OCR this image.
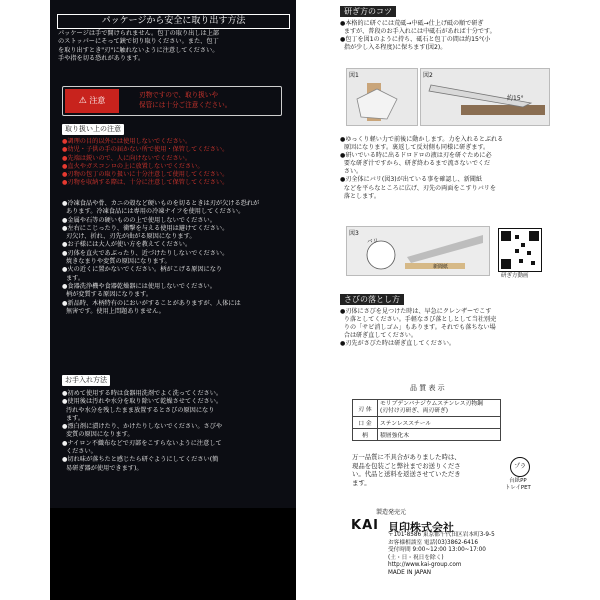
パッケージから安全に取り出す方法
パッケージは手で開けられません。包丁の取り出しは上部
のストッパーにそって鋏で切り取りください。また、包丁
を取り出すとき"刃"に触れないように注意してください。
手や指を切る恐れがあります。
⚠ 注意
刃物ですので、取り扱いや
保管には十分ご注意ください。
取り扱い上の注意
●調理の目的以外には使用しないでください。
●幼児・子供の手の届かない所で使用・保管してください。
●先端は鋭いので、人に向けないでください。
●直火やガスコンロの上に放置しないでください。
●刃物の包丁の取り扱いに十分注意して使用してください。
●刃物を収納する際は、十分に注意して保管してください。
●冷凍食品や骨、カニの殻など硬いものを切るときは刃が欠ける恐れが
あります。冷凍食品には専用の冷凍ナイフを使用してください。
●金属や石等の硬いものの上で使用しないでください。
●左右にこじったり、衝撃を与える使用は避けてください。
刃欠け、折れ、刃先が曲がる原因になります。
●お子様には大人が使い方を教えてください。
●刃体を直火であぶったり、近づけたりしないでください。
焼きなまりや変質の原因になります。
●火の近くに置かないでください。柄がこげる原因になり
ます。
●食器洗浄機や食器乾燥器には使用しないでください。
柄が変質する原因になります。
●新品時、木柄特有のにおいがすることがありますが、人体には
無害です。使用上問題ありません。
お手入れ方法
●初めて使用する時は食器用洗剤でよく洗ってください。
●使用後は汚れや水分を取り除いて乾燥させてください。
汚れや水分を残したまま放置するとさびの原因になり
ます。
●漂白剤に漬けたり、かけたりしないでください。さびや
変質の原因になります。
●ナイロン不織布などで刃部をこすらないように注意して
ください。
●切れ味が落ちたと感じたら研ぐようにしてください(簡
易研ぎ器が使用できます)。
研ぎ方のコツ
●本格的に研ぐには荒砥→中砥→仕上げ砥の順で研ぎ
ますが、普段のお手入れには中砥石があれば十分です。
●包丁を図1のように持ち、砥石と包丁の間は約15°(小
指が少し入る程度)に保ちます(図2)。
図1	図2
約15°
●ゆっくり軽い力で前後に動かします。力を入れるとぶれる
原因になります。裏返して反対側も同様に研ぎます。
●研いでいる時に出るドロドロの液は刃を研ぐために必
要な研ぎ汁ですから、研ぎ終わるまで流さないでくだ
さい。
●刃全体にバリ(図3)が出ている事を確認し、新聞紙
などを平らなところに広げ、刃先の両面をこすりバリを
落とします。
図3
バリ
新聞紙
研ぎ方動画
さびの落とし方
●刃体にさびを見つけた時は、早急にクレンザーでこす
り落としてください。手軽なさび落としとして当社別売
りの「サビ消しゴム」もあります。それでも落ちない場
合は研ぎ直してください。
●刃先がさびた時は研ぎ直してください。
品 質 表 示
刃 体	モリブデンバナジウムステンレス刃物鋼
(刃付け刃研ぎ、両刃研ぎ)
口 金	ステンレススチール
柄	積層強化木
万一品質に不具合がありました時は、
現品を包装ごと弊社までお送りくださ
い。代品と送料を返送させていただき
ます。
プラ
台紙PP
トレイPET
製造発売元
KAI 貝印株式会社
〒101-8586 東京都千代田区岩本町3-9-5
お客様相談室 電話(03)3862-6416
受付時間 9:00~12:00 13:00~17:00
(土・日・祝日を除く)
http://www.kai-group.com
MADE IN JAPAN
